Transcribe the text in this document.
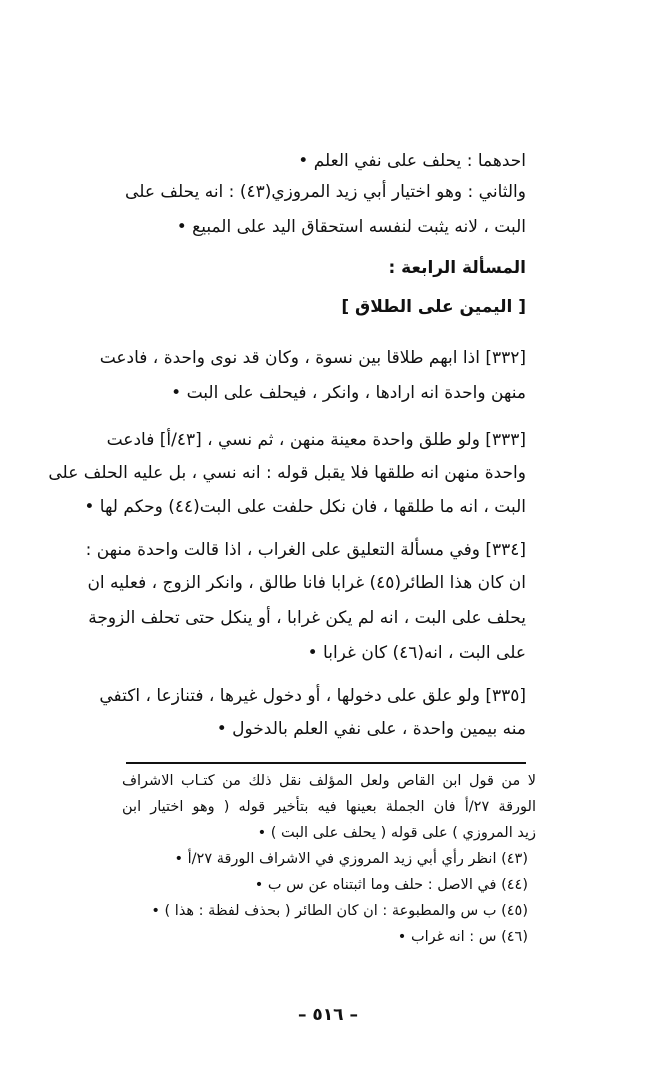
احدهما : يحلف على نفي العلم •
والثاني : وهو اختيار أبي زيد المروزي(٤٣) : انه يحلف على
البت ، لانه يثبت لنفسه استحقاق اليد على المبيع •
المسألة الرابعة :
[ اليمين على الطلاق ]
[٣٣٢] اذا ابهم طلاقا بين نسوة ، وكان قد نوى واحدة ، فادعت
منهن واحدة انه ارادها ، وانكر ، فيحلف على البت •
[٣٣٣] ولو طلق واحدة معينة منهن ، ثم نسي ، [٤٣/أ] فادعت
واحدة منهن انه طلقها فلا يقبل قوله : انه نسي ، بل عليه الحلف على
البت ، انه ما طلقها ، فان نكل حلفت على البت(٤٤) وحكم لها •
[٣٣٤] وفي مسألة التعليق على الغراب ، اذا قالت واحدة منهن :
ان كان هذا الطائر(٤٥) غرابا فانا طالق ، وانكر الزوج ، فعليه ان
يحلف على البت ، انه لم يكن غرابا ، أو ينكل حتى تحلف الزوجة
على البت ، انه(٤٦) كان غرابا •
[٣٣٥] ولو علق على دخولها ، أو دخول غيرها ، فتنازعا ، اكتفي
منه بيمين واحدة ، على نفي العلم بالدخول •
لا من قول ابن القاص ولعل المؤلف نقل ذلك من كتـاب الاشراف
الورقة ٢٧/أ فان الجملة بعينها فيه بتأخير قوله ( وهو اختيار ابن
زيد المروزي ) على قوله ( يحلف على البت ) •
(٤٣) انظر رأي أبي زيد المروزي في الاشراف الورقة ٢٧/أ •
(٤٤) في الاصل : حلف وما اثبتناه عن س ب •
(٤٥) ب س والمطبوعة : ان كان الطائر ( بحذف لفظة : هذا ) •
(٤٦) س : انه غراب •
– ٥١٦ –
